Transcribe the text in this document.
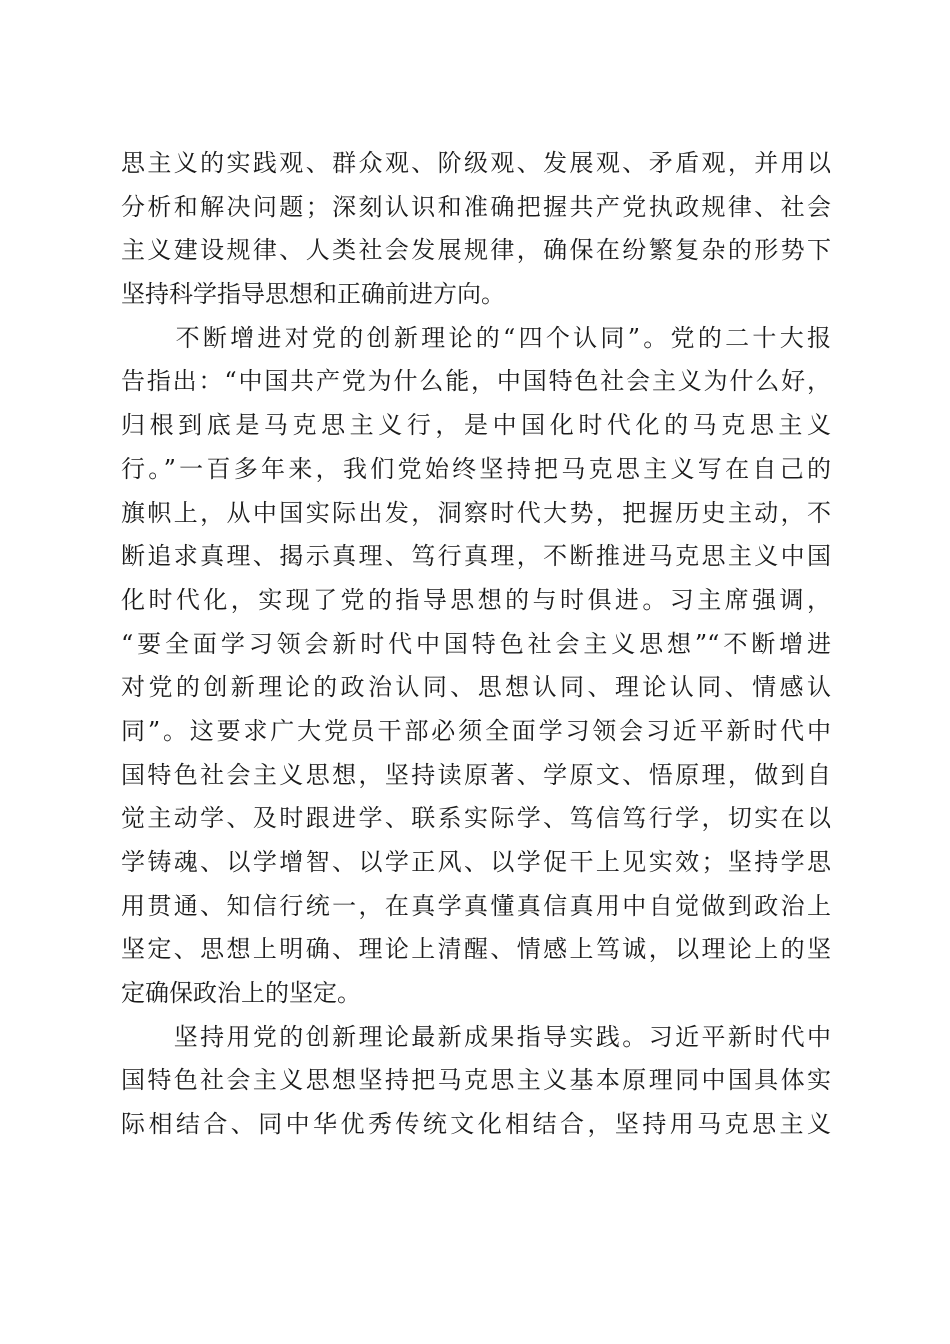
思主义的实践观、群众观、阶级观、发展观、矛盾观，并用以
分析和解决问题；深刻认识和准确把握共产党执政规律、社会
主义建设规律、人类社会发展规律，确保在纷繁复杂的形势下
坚持科学指导思想和正确前进方向。
　　不断增进对党的创新理论的“四个认同”。党的二十大报
告指出：“中国共产党为什么能，中国特色社会主义为什么好，
归根到底是马克思主义行，是中国化时代化的马克思主义
行。”一百多年来，我们党始终坚持把马克思主义写在自己的
旗帜上，从中国实际出发，洞察时代大势，把握历史主动，不
断追求真理、揭示真理、笃行真理，不断推进马克思主义中国
化时代化，实现了党的指导思想的与时俱进。习主席强调，
“要全面学习领会新时代中国特色社会主义思想”“不断增进
对党的创新理论的政治认同、思想认同、理论认同、情感认
同”。这要求广大党员干部必须全面学习领会习近平新时代中
国特色社会主义思想，坚持读原著、学原文、悟原理，做到自
觉主动学、及时跟进学、联系实际学、笃信笃行学，切实在以
学铸魂、以学增智、以学正风、以学促干上见实效；坚持学思
用贯通、知信行统一，在真学真懂真信真用中自觉做到政治上
坚定、思想上明确、理论上清醒、情感上笃诚，以理论上的坚
定确保政治上的坚定。
　　坚持用党的创新理论最新成果指导实践。习近平新时代中
国特色社会主义思想坚持把马克思主义基本原理同中国具体实
际相结合、同中华优秀传统文化相结合，坚持用马克思主义
